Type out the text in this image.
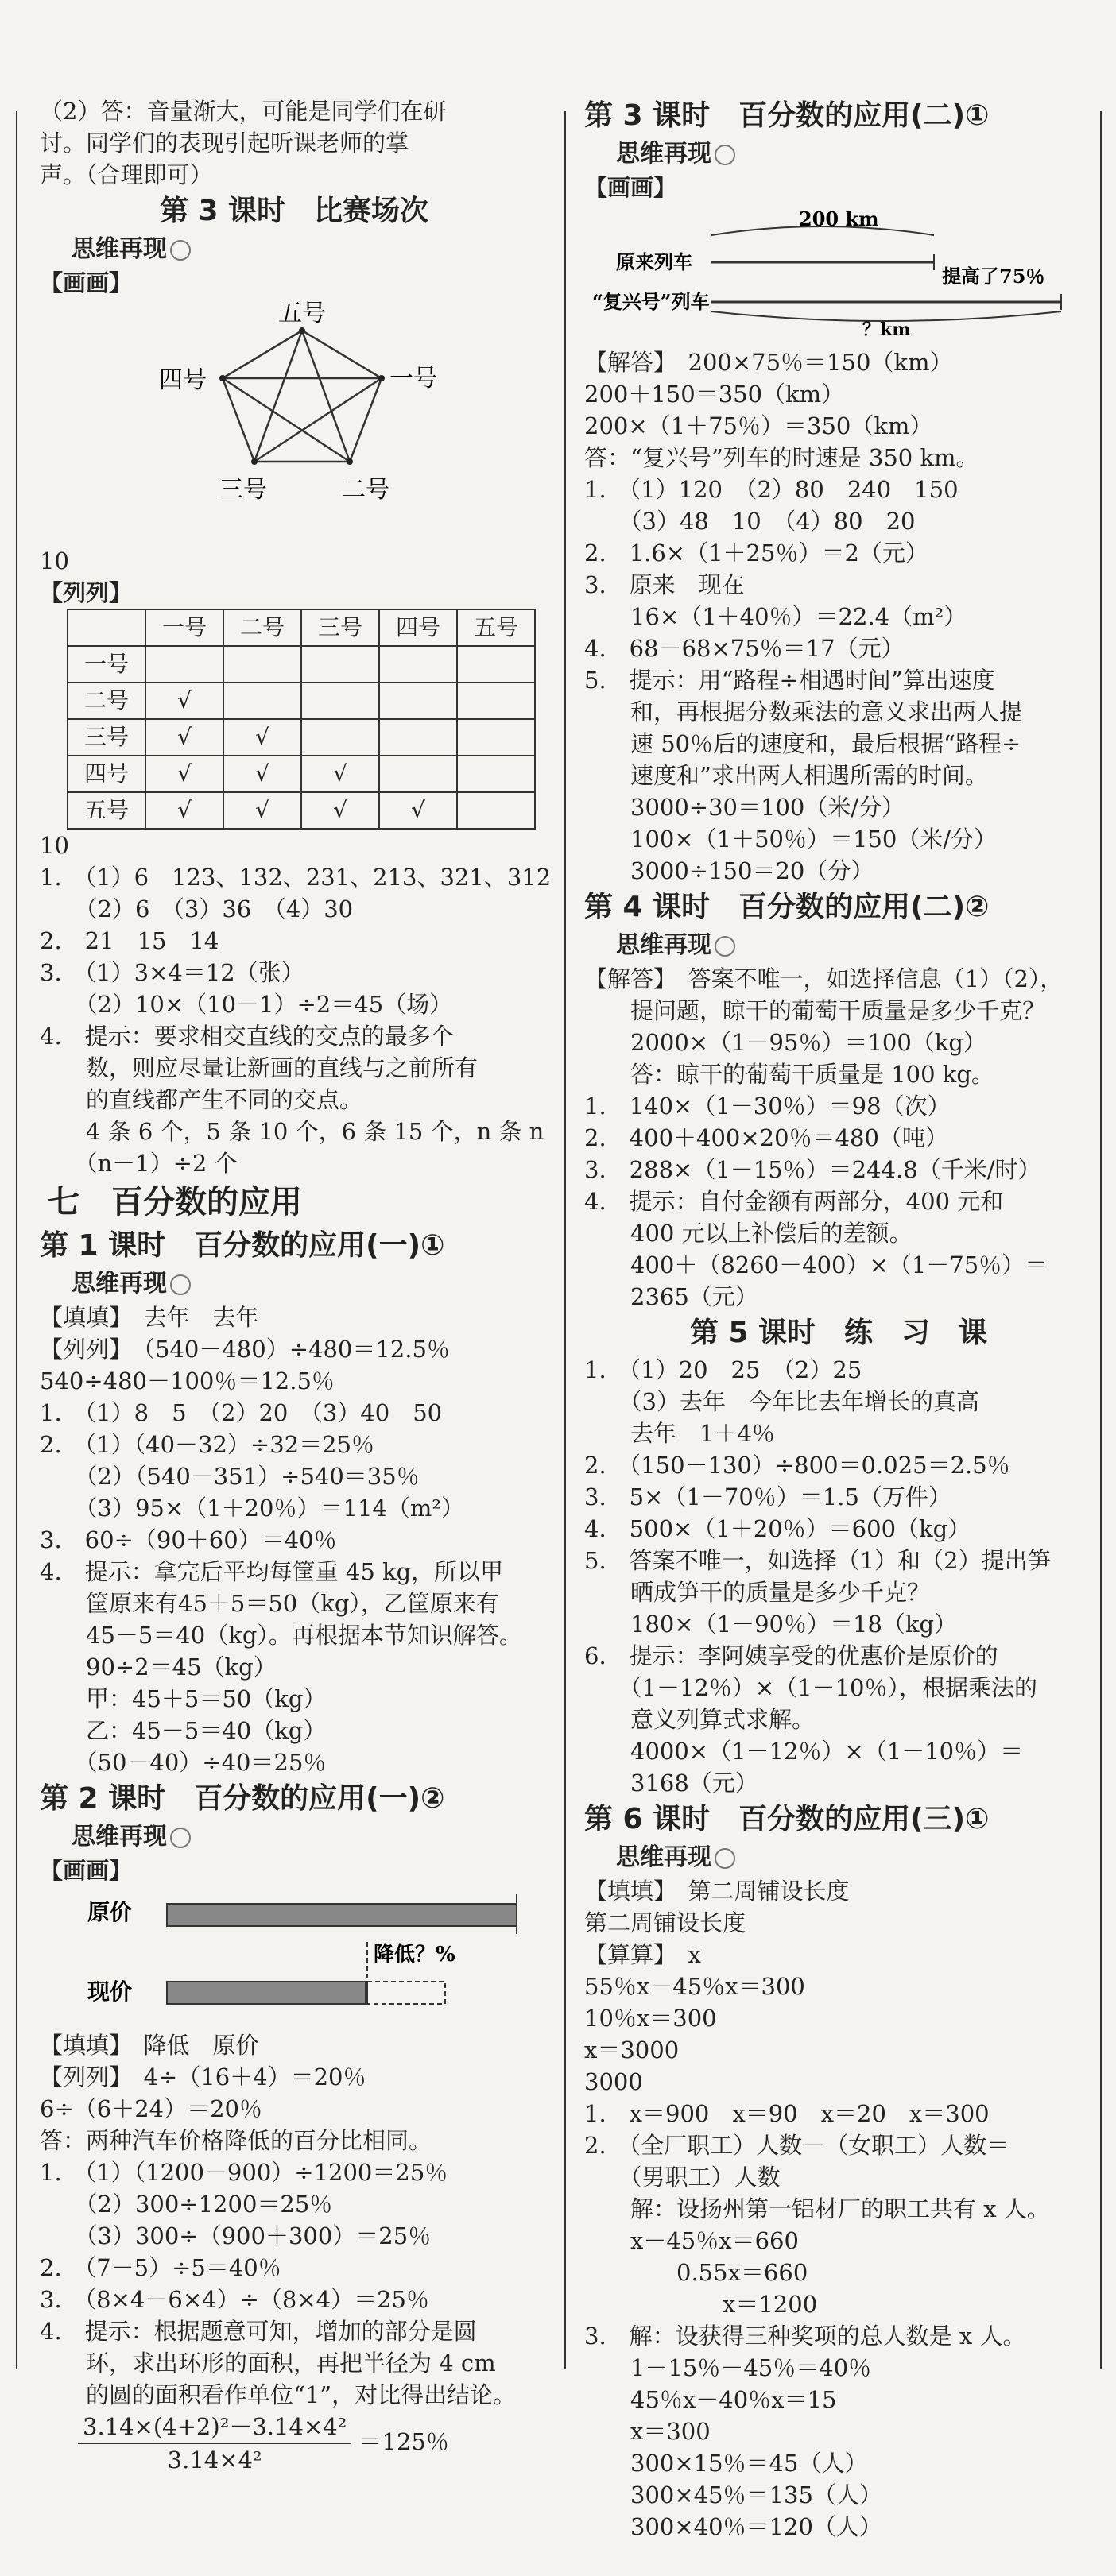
（2）答：音量渐大，可能是同学们在研
讨。同学们的表现引起听课老师的掌
声。（合理即可）
第 3 课时　比赛场次
思维再现
【画画】
五号
一号
四号
三号	二号
10
【列列】
	一号	二号	三号	四号	五号
一号					
二号	√				
三号	√	√			
四号	√	√	√		
五号	√	√	√	√	
10
1.　（1）6　123、132、231、213、321、312
　　（2）6　（3）36　（4）30
2.　21　15　14
3.　（1）3×4＝12（张）
　　（2）10×（10－1）÷2＝45（场）
4.　提示：要求相交直线的交点的最多个
　　数，则应尽量让新画的直线与之前所有
　　的直线都产生不同的交点。
　　4 条 6 个，5 条 10 个，6 条 15 个，n 条 n
　　（n－1）÷2 个
七　百分数的应用
第 1 课时　百分数的应用(一)①
思维再现
【填填】　去年　去年
【列列】　（540－480）÷480＝12.5％
540÷480－100％＝12.5％
1.　（1）8　5　（2）20　（3）40　50
2.　（1）（40－32）÷32＝25％
　　（2）（540－351）÷540＝35％
　　（3）95×（1＋20％）＝114（m²）
3.　60÷（90＋60）＝40％
4.　提示：拿完后平均每筐重 45 kg，所以甲
　　筐原来有45＋5＝50（kg），乙筐原来有
　　45－5＝40（kg）。再根据本节知识解答。
　　90÷2＝45（kg）
　　甲：45＋5＝50（kg）
　　乙：45－5＝40（kg）
　　（50－40）÷40＝25％
第 2 课时　百分数的应用(一)②
思维再现
【画画】
原价
降低？%
现价
【填填】　降低　原价
【列列】　4÷（16＋4）＝20％
6÷（6＋24）＝20％
答：两种汽车价格降低的百分比相同。
1.　（1）（1200－900）÷1200＝25％
　　（2）300÷1200＝25％
　　（3）300÷（900＋300）＝25％
2.　（7－5）÷5＝40％
3.　（8×4－6×4）÷（8×4）＝25％
4.　提示：根据题意可知，增加的部分是圆
　　环，求出环形的面积，再把半径为 4 cm
　　的圆的面积看作单位“1”，对比得出结论。
$\frac{\text{3.14×(4+2)²－3.14×4²}}{\text{3.14×4²}} =125$％
第 3 课时　百分数的应用(二)①
思维再现
【画画】
200 km
原来列车
提高了75％
“复兴号”列车
？km
【解答】　200×75％＝150（km）
200＋150＝350（km）
200×（1＋75％）＝350（km）
答：“复兴号”列车的时速是 350 km。
1.　（1）120　（2）80　240　150
　　（3）48　10　（4）80　20
2.　1.6×（1＋25％）＝2（元）
3.　原来　现在
　　16×（1＋40％）＝22.4（m²）
4.　68－68×75％＝17（元）
5.　提示：用“路程÷相遇时间”算出速度
　　和，再根据分数乘法的意义求出两人提
　　速 50％后的速度和，最后根据“路程÷
　　速度和”求出两人相遇所需的时间。
　　3000÷30＝100（米/分）
　　100×（1＋50％）＝150（米/分）
　　3000÷150＝20（分）
第 4 课时　百分数的应用(二)②
思维再现
【解答】　答案不唯一，如选择信息（1）（2），
　　提问题，晾干的葡萄干质量是多少千克？
　　2000×（1－95％）＝100（kg）
　　答：晾干的葡萄干质量是 100 kg。
1.　140×（1－30％）＝98（次）
2.　400＋400×20％＝480（吨）
3.　288×（1－15％）＝244.8（千米/时）
4.　提示：自付金额有两部分，400 元和
　　400 元以上补偿后的差额。
　　400＋（8260－400）×（1－75％）＝
　　2365（元）
第 5 课时　练　习　课
1.　（1）20　25　（2）25
　　（3）去年　今年比去年增长的真高
　　去年　1＋4％
2.　（150－130）÷800＝0.025＝2.5％
3.　5×（1－70％）＝1.5（万件）
4.　500×（1＋20％）＝600（kg）
5.　答案不唯一，如选择（1）和（2）提出笋
　　晒成笋干的质量是多少千克？
　　180×（1－90％）＝18（kg）
6.　提示：李阿姨享受的优惠价是原价的
　　（1－12％）×（1－10％），根据乘法的
　　意义列算式求解。
　　4000×（1－12％）×（1－10％）＝
　　3168（元）
第 6 课时　百分数的应用(三)①
思维再现
【填填】　第二周铺设长度
第二周铺设长度
【算算】　x
55％x－45％x＝300
10％x＝300
x＝3000
3000
1.　x＝900　x＝90　x＝20　x＝300
2.　（全厂职工）人数－（女职工）人数＝
　　（男职工）人数
　　解：设扬州第一铝材厂的职工共有 x 人。
　　x－45％x＝660
　　　　0.55x＝660
　　　　　　x＝1200
3.　解：设获得三种奖项的总人数是 x 人。
　　1－15％－45％＝40％
　　45％x－40％x＝15
　　x＝300
　　300×15％＝45（人）
　　300×45％＝135（人）
　　300×40％＝120（人）
